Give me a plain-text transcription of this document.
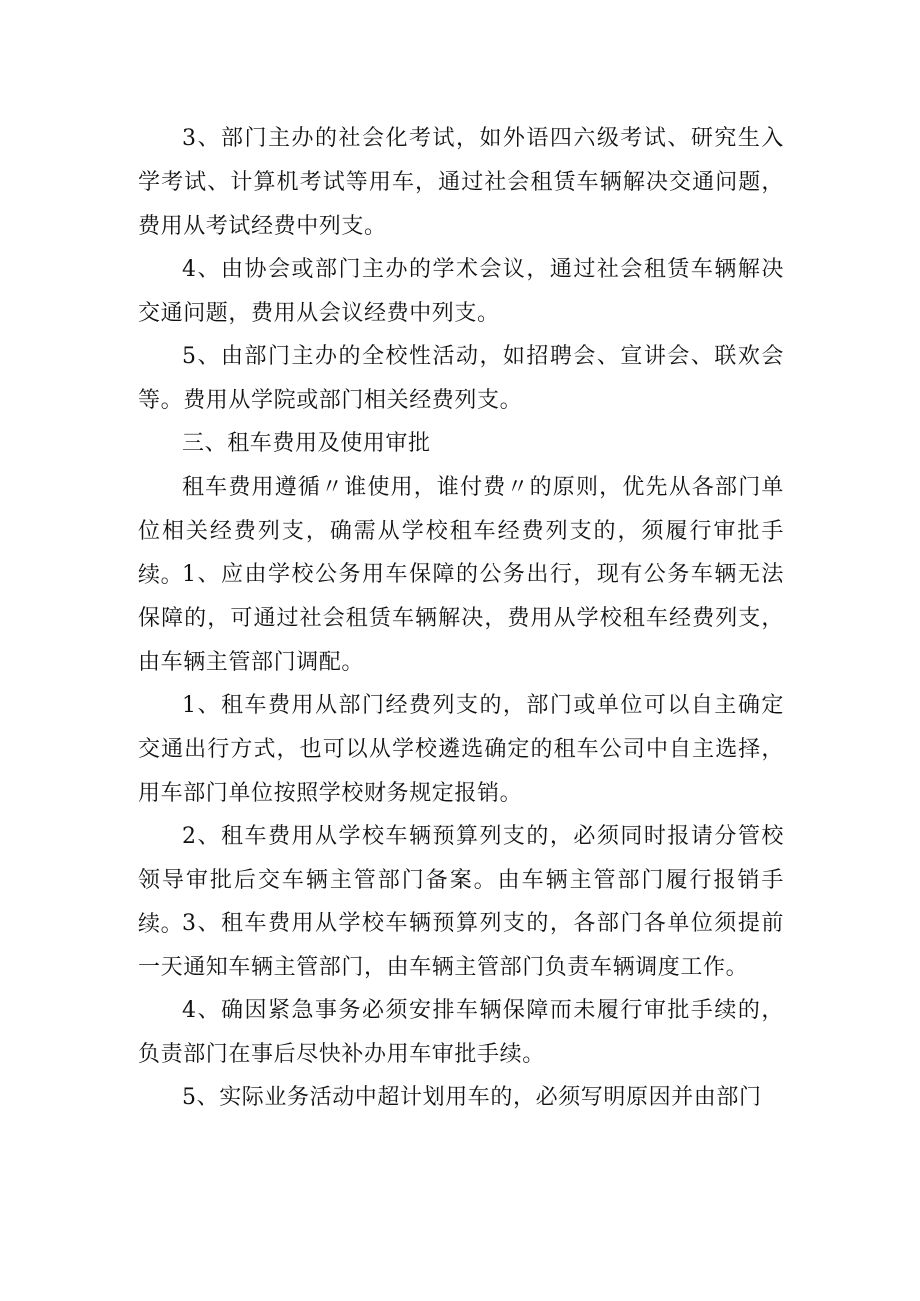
3、部门主办的社会化考试，如外语四六级考试、研究生入学考试、计算机考试等用车，通过社会租赁车辆解决交通问题，费用从考试经费中列支。

4、由协会或部门主办的学术会议，通过社会租赁车辆解决交通问题，费用从会议经费中列支。

5、由部门主办的全校性活动，如招聘会、宣讲会、联欢会等。费用从学院或部门相关经费列支。

三、租车费用及使用审批

租车费用遵循〃谁使用，谁付费〃的原则，优先从各部门单位相关经费列支，确需从学校租车经费列支的，须履行审批手续。

1、应由学校公务用车保障的公务出行，现有公务车辆无法保障的，可通过社会租赁车辆解决，费用从学校租车经费列支，由车辆主管部门调配。

1、租车费用从部门经费列支的，部门或单位可以自主确定交通出行方式，也可以从学校遴选确定的租车公司中自主选择，用车部门单位按照学校财务规定报销。

2、租车费用从学校车辆预算列支的，必须同时报请分管校领导审批后交车辆主管部门备案。由车辆主管部门履行报销手续。

3、租车费用从学校车辆预算列支的，各部门各单位须提前一天通知车辆主管部门，由车辆主管部门负责车辆调度工作。

4、确因紧急事务必须安排车辆保障而未履行审批手续的，负责部门在事后尽快补办用车审批手续。

5、实际业务活动中超计划用车的，必须写明原因并由部门
